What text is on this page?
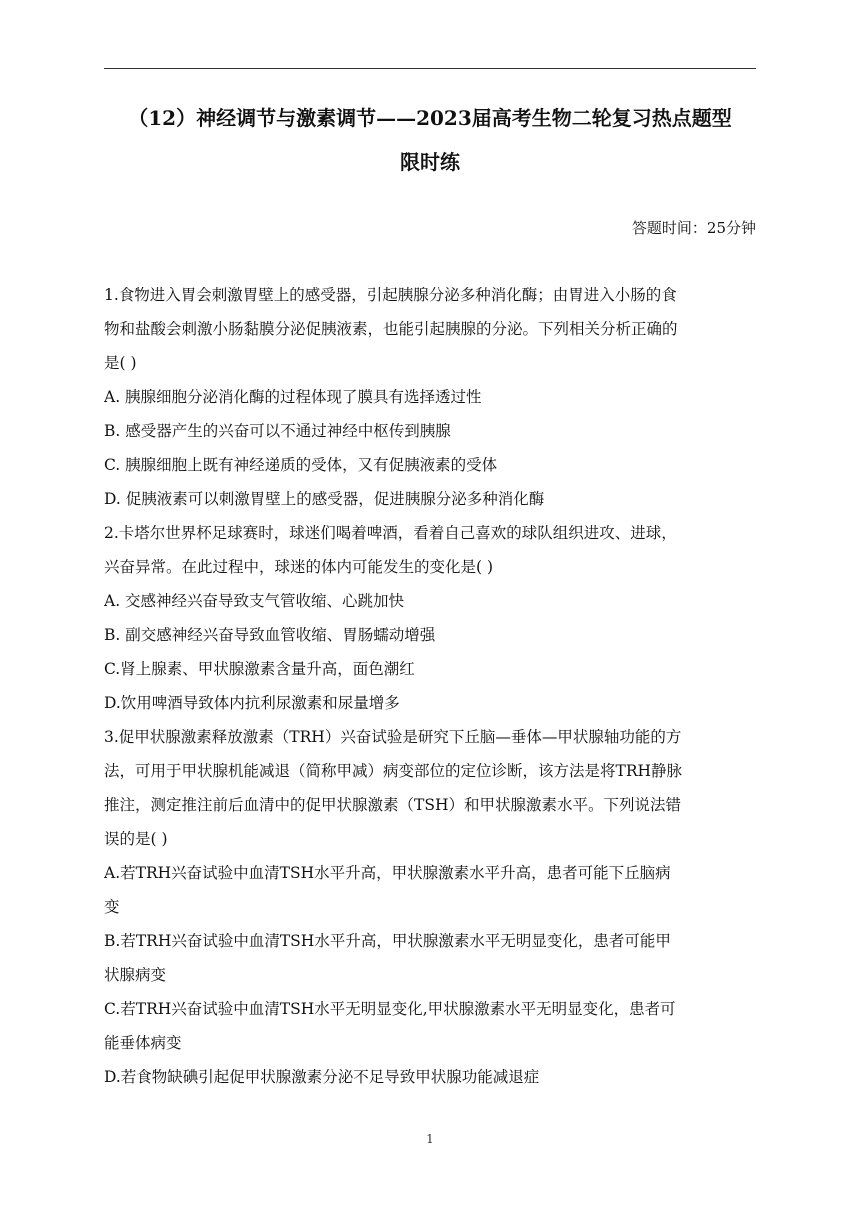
（12）神经调节与激素调节——2023届高考生物二轮复习热点题型
限时练
答题时间：25分钟
1.食物进入胃会刺激胃壁上的感受器，引起胰腺分泌多种消化酶；由胃进入小肠的食
物和盐酸会刺激小肠黏膜分泌促胰液素，也能引起胰腺的分泌。下列相关分析正确的
是( )
A. 胰腺细胞分泌消化酶的过程体现了膜具有选择透过性
B. 感受器产生的兴奋可以不通过神经中枢传到胰腺
C. 胰腺细胞上既有神经递质的受体，又有促胰液素的受体
D. 促胰液素可以刺激胃壁上的感受器，促进胰腺分泌多种消化酶
2.卡塔尔世界杯足球赛时，球迷们喝着啤酒，看着自己喜欢的球队组织进攻、进球，
兴奋异常。在此过程中，球迷的体内可能发生的变化是( )
A. 交感神经兴奋导致支气管收缩、心跳加快
B. 副交感神经兴奋导致血管收缩、胃肠蠕动增强
C.肾上腺素、甲状腺激素含量升高，面色潮红
D.饮用啤酒导致体内抗利尿激素和尿量增多
3.促甲状腺激素释放激素（TRH）兴奋试验是研究下丘脑—垂体—甲状腺轴功能的方
法，可用于甲状腺机能减退（简称甲减）病变部位的定位诊断，该方法是将TRH静脉
推注，测定推注前后血清中的促甲状腺激素（TSH）和甲状腺激素水平。下列说法错
误的是( )
A.若TRH兴奋试验中血清TSH水平升高，甲状腺激素水平升高，患者可能下丘脑病
变
B.若TRH兴奋试验中血清TSH水平升高，甲状腺激素水平无明显变化，患者可能甲
状腺病变
C.若TRH兴奋试验中血清TSH水平无明显变化,甲状腺激素水平无明显变化，患者可
能垂体病变
D.若食物缺碘引起促甲状腺激素分泌不足导致甲状腺功能减退症
1
